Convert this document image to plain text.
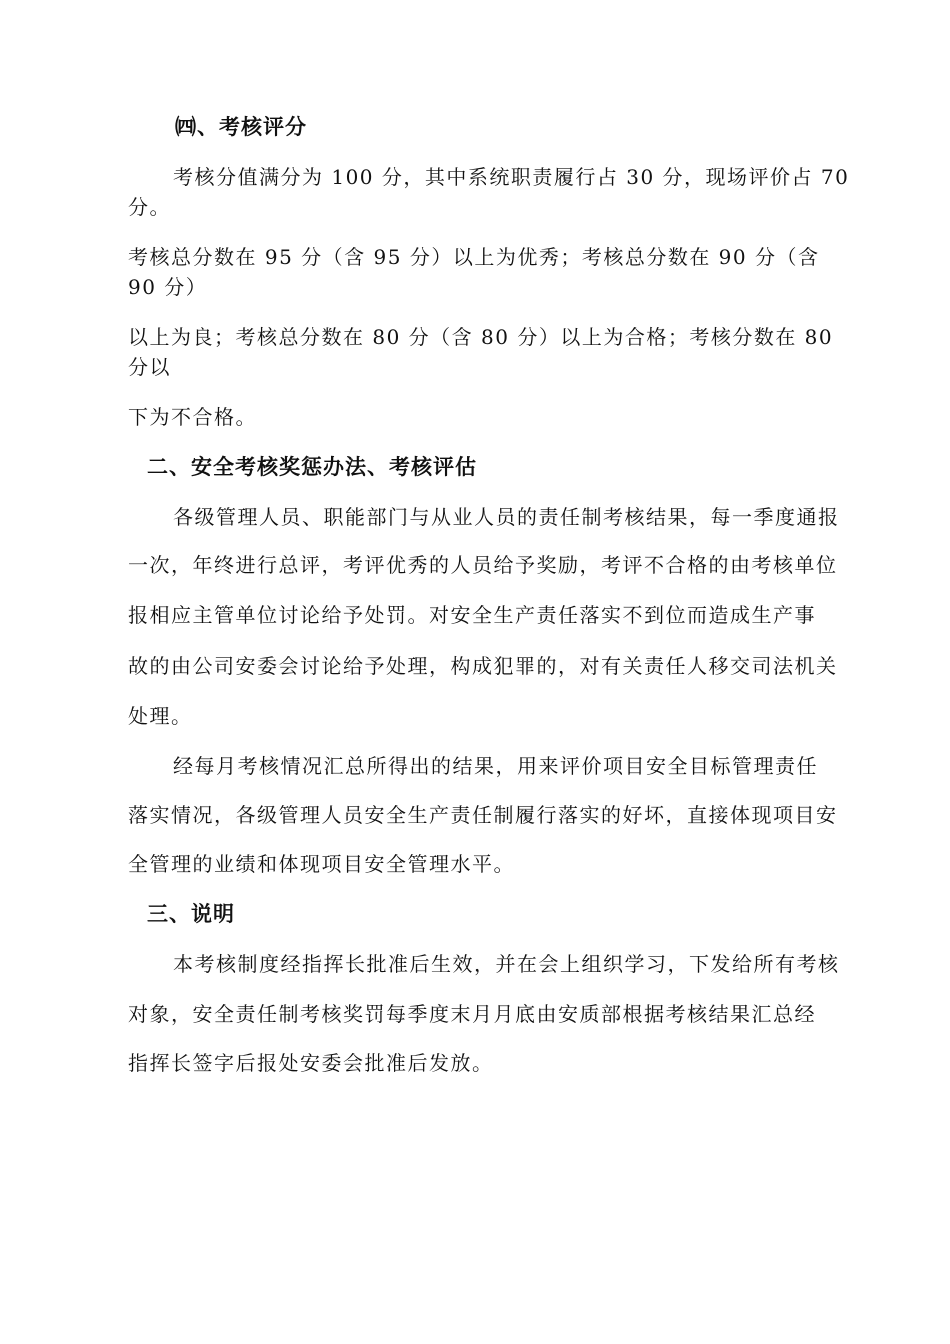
㈣、考核评分
考核分值满分为 100 分，其中系统职责履行占 30 分，现场评价占 70
分。
考核总分数在 95 分（含 95 分）以上为优秀；考核总分数在 90 分（含
90 分）
以上为良；考核总分数在 80 分（含 80 分）以上为合格；考核分数在 80
分以
下为不合格。
二、安全考核奖惩办法、考核评估
各级管理人员、职能部门与从业人员的责任制考核结果，每一季度通报
一次，年终进行总评，考评优秀的人员给予奖励，考评不合格的由考核单位
报相应主管单位讨论给予处罚。对安全生产责任落实不到位而造成生产事
故的由公司安委会讨论给予处理，构成犯罪的，对有关责任人移交司法机关
处理。
经每月考核情况汇总所得出的结果，用来评价项目安全目标管理责任
落实情况，各级管理人员安全生产责任制履行落实的好坏，直接体现项目安
全管理的业绩和体现项目安全管理水平。
三、说明
本考核制度经指挥长批准后生效，并在会上组织学习，下发给所有考核
对象，安全责任制考核奖罚每季度末月月底由安质部根据考核结果汇总经
指挥长签字后报处安委会批准后发放。
